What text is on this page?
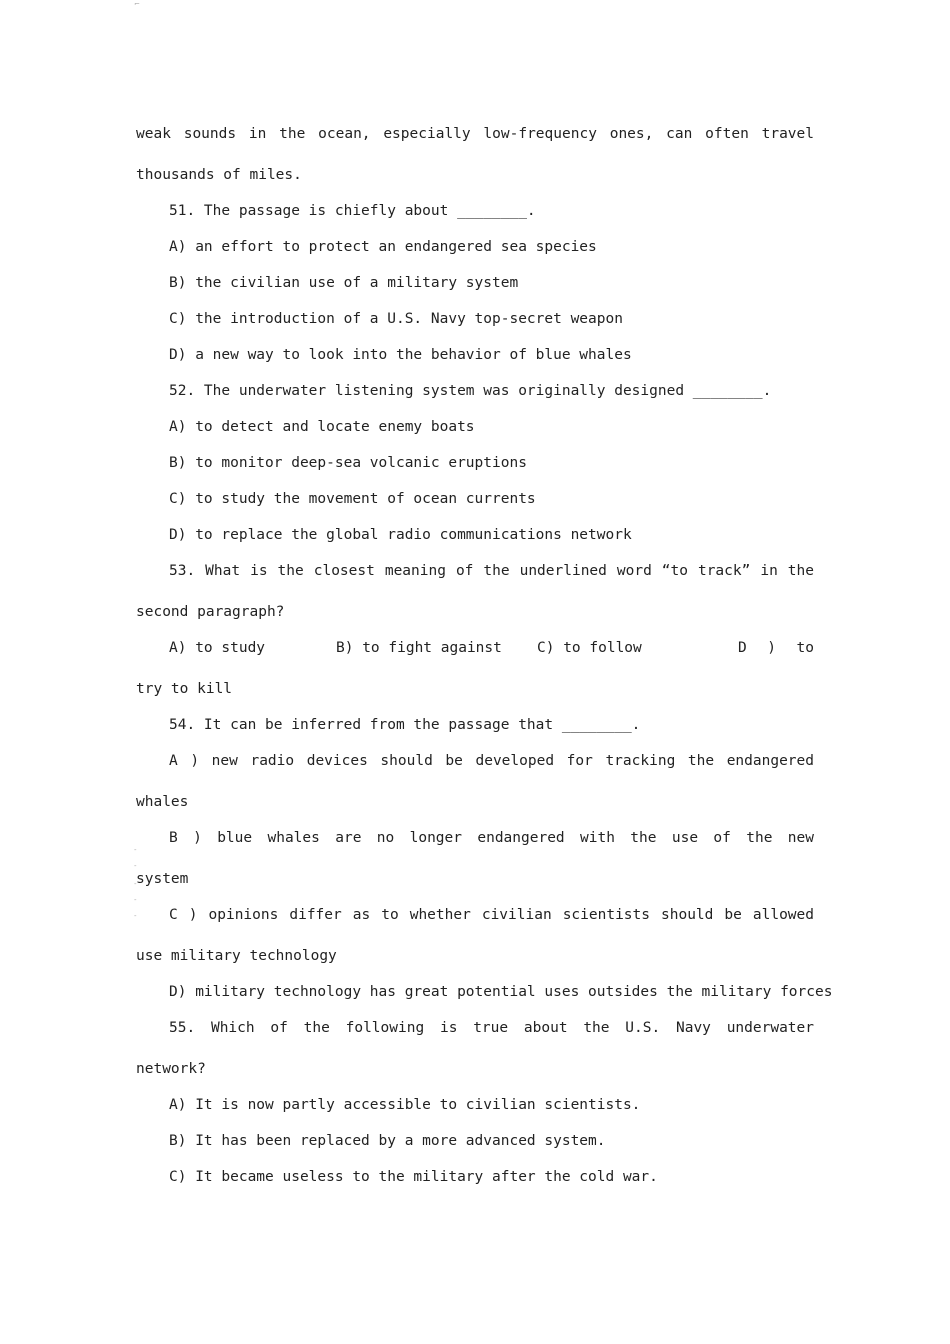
⌐
-
-
-
-
-
weak sounds in the ocean, especially low-frequency ones, can often travel
thousands of miles.
51. The passage is chiefly about ________.
A) an effort to protect an endangered sea species
B) the civilian use of a military system
C) the introduction of a U.S. Navy top-secret weapon
D) a new way to look into the behavior of blue whales
52. The underwater listening system was originally designed ________.
A) to detect and locate enemy boats
B) to monitor deep-sea volcanic eruptions
C) to study the movement of ocean currents
D) to replace the global radio communications network
53. What is the closest meaning of the underlined word “to track” in the
second paragraph?
A) to study	B) to fight against	C) to follow	D ) to
try to kill
54. It can be inferred from the passage that ________.
A ) new radio devices should be developed for tracking the endangered
whales
B ) blue whales are no longer endangered with the use of the new
system
C ) opinions differ as to whether civilian scientists should be allowed
use military technology
D) military technology has great potential uses outsides the military forces
55. Which of the following is true about the U.S. Navy underwater
network?
A) It is now partly accessible to civilian scientists.
B) It has been replaced by a more advanced system.
C) It became useless to the military after the cold war.
